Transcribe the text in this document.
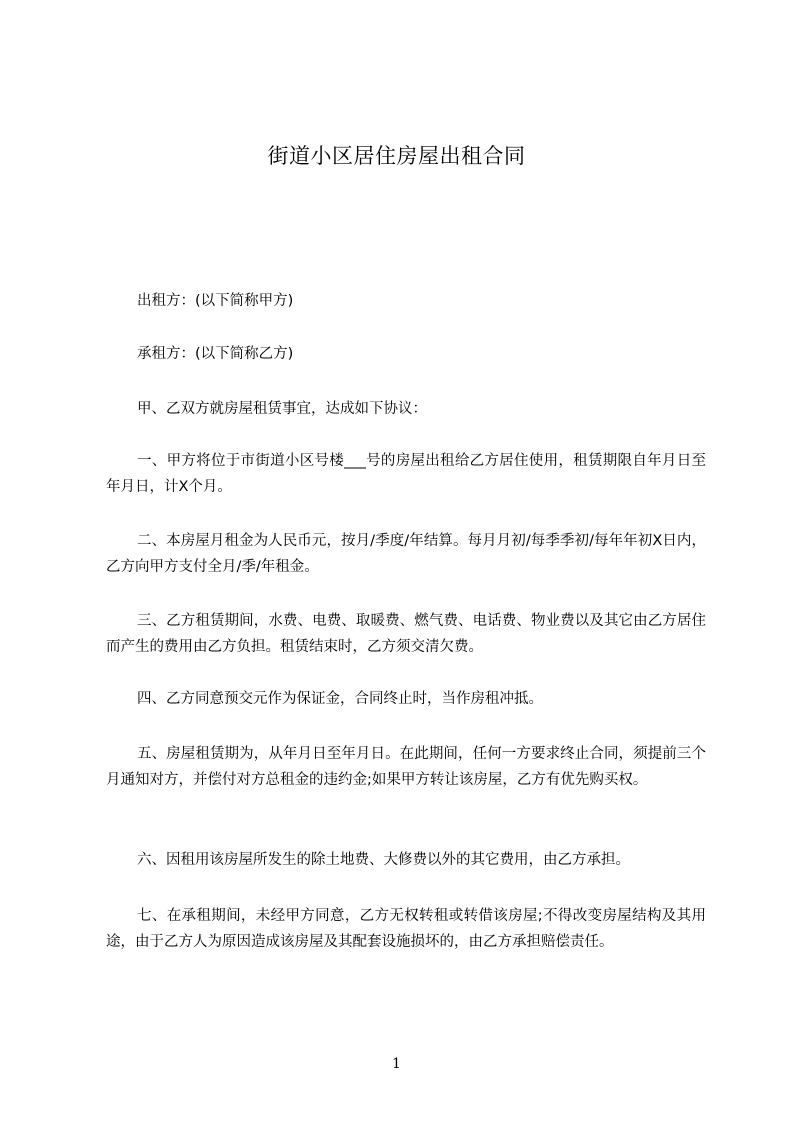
街道小区居住房屋出租合同
出租方：(以下简称甲方)
承租方：(以下简称乙方)
甲、乙双方就房屋租赁事宜，达成如下协议：
一、甲方将位于市街道小区号楼___号的房屋出租给乙方居住使用，租赁期限自年月日至年月日，计X个月。
二、本房屋月租金为人民币元，按月/季度/年结算。每月月初/每季季初/每年年初X日内，乙方向甲方支付全月/季/年租金。
三、乙方租赁期间，水费、电费、取暖费、燃气费、电话费、物业费以及其它由乙方居住而产生的费用由乙方负担。租赁结束时，乙方须交清欠费。
四、乙方同意预交元作为保证金，合同终止时，当作房租冲抵。
五、房屋租赁期为，从年月日至年月日。在此期间，任何一方要求终止合同，须提前三个月通知对方，并偿付对方总租金的违约金;如果甲方转让该房屋，乙方有优先购买权。
六、因租用该房屋所发生的除土地费、大修费以外的其它费用，由乙方承担。
七、在承租期间，未经甲方同意，乙方无权转租或转借该房屋;不得改变房屋结构及其用途，由于乙方人为原因造成该房屋及其配套设施损坏的，由乙方承担赔偿责任。
1
